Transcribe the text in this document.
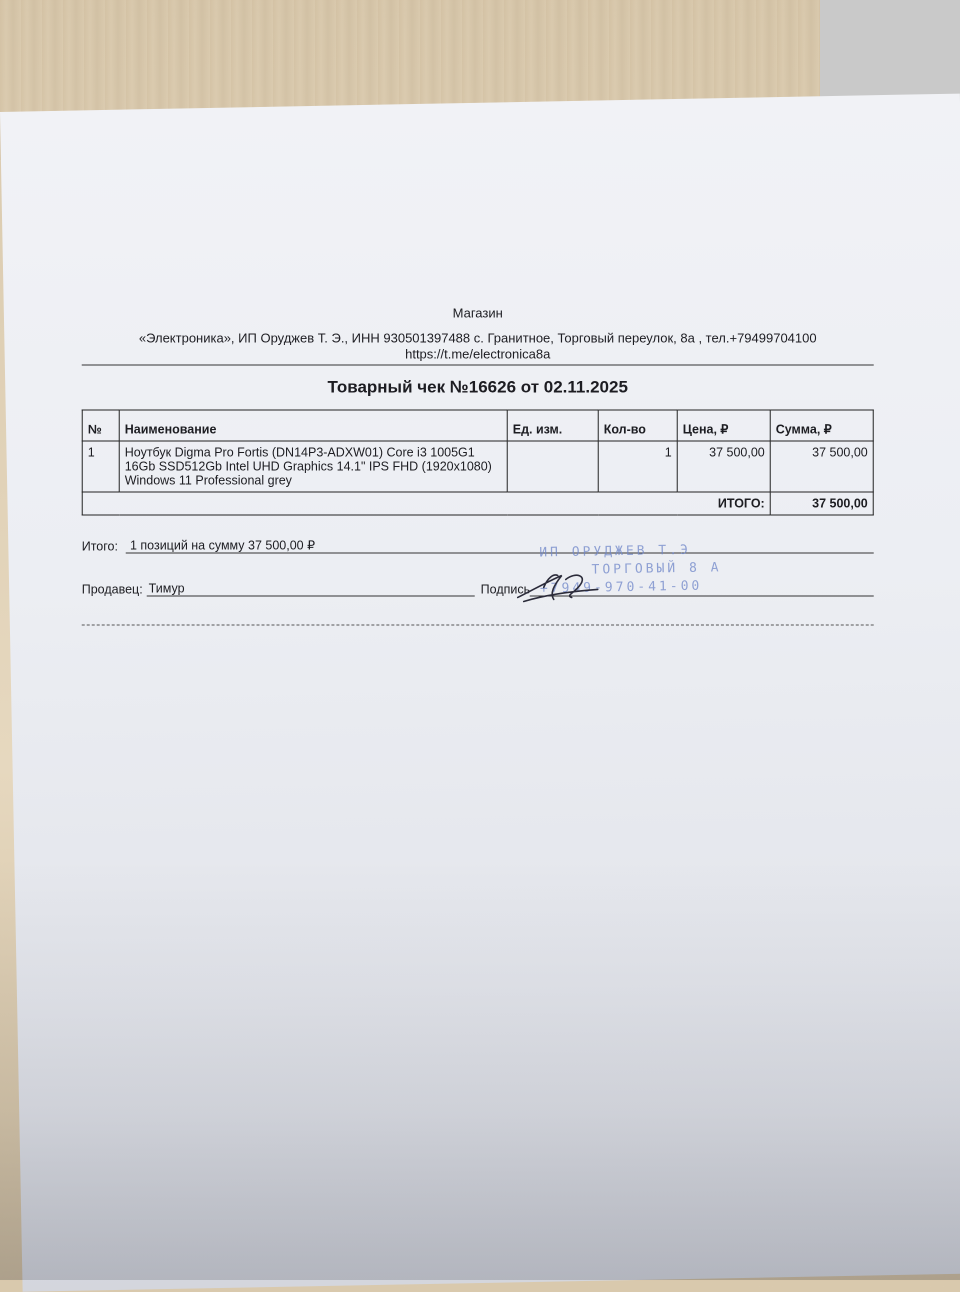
Магазин
«Электроника», ИП Оруджев Т. Э., ИНН 930501397488 с. Гранитное, Торговый переулок, 8а , тел.+79499704100
https://t.me/electronica8a
Товарный чек №16626 от 02.11.2025
№	Наименование	Ед. изм.	Кол-во	Цена, ₽	Сумма, ₽
1	Ноутбук Digma Pro Fortis (DN14P3-ADXW01) Core i3 1005G1
16Gb SSD512Gb Intel UHD Graphics 14.1" IPS FHD (1920x1080)
Windows 11 Professional grey		1	37 500,00	37 500,00
ИТОГО:					37 500,00
Итого: 1 позиций на сумму 37 500,00 ₽
Продавец: Тимур	Подпись
ИП ОРУДЖЕВ Т.Э
ТОРГОВЫЙ 8 А
+7949-970-41-00
